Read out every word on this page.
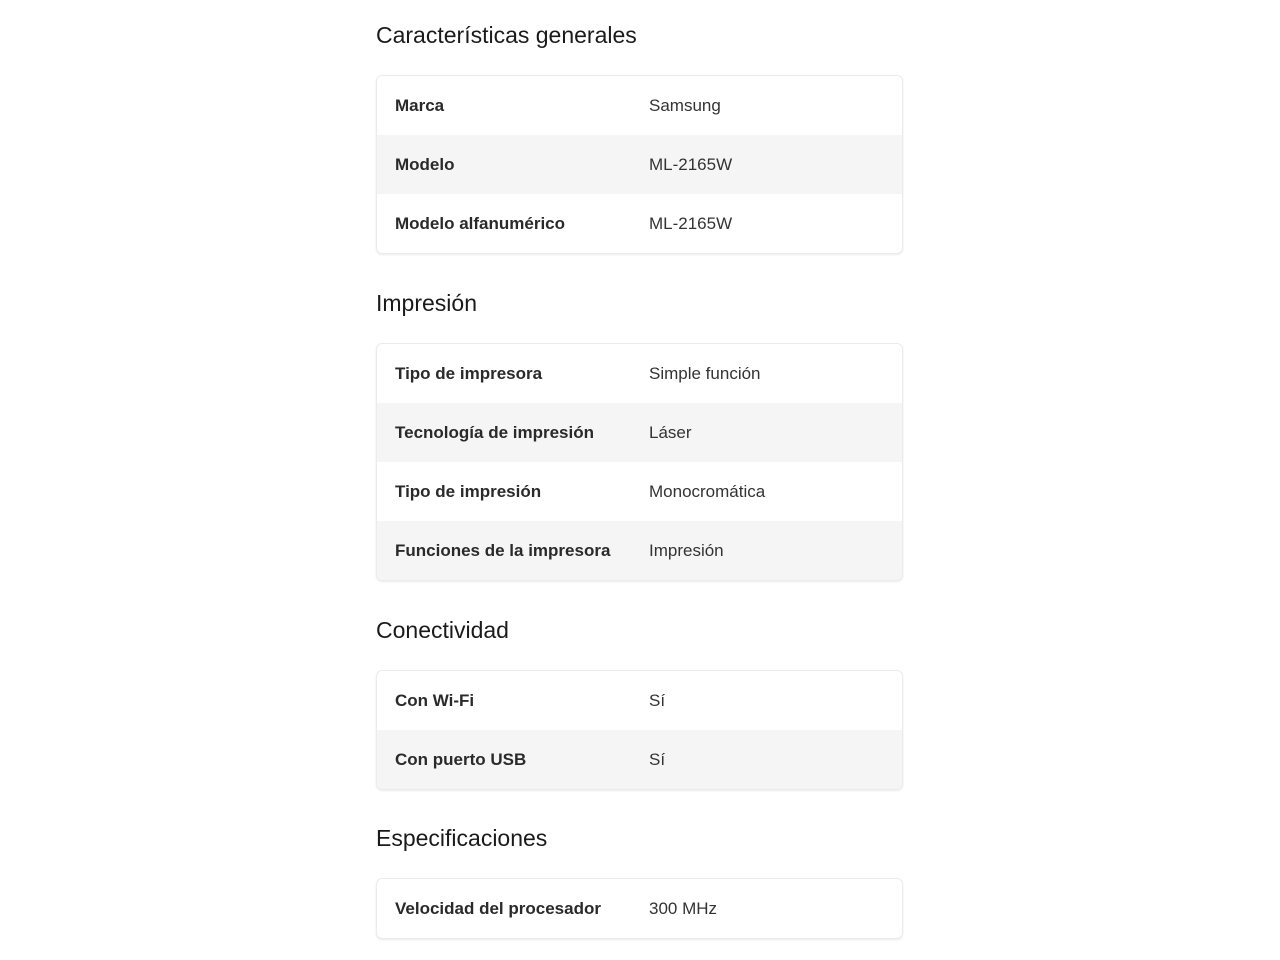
Características generales
Marca	Samsung
Modelo	ML-2165W
Modelo alfanumérico	ML-2165W
Impresión
Tipo de impresora	Simple función
Tecnología de impresión	Láser
Tipo de impresión	Monocromática
Funciones de la impresora	Impresión
Conectividad
Con Wi-Fi	Sí
Con puerto USB	Sí
Especificaciones
Velocidad del procesador	300 MHz
